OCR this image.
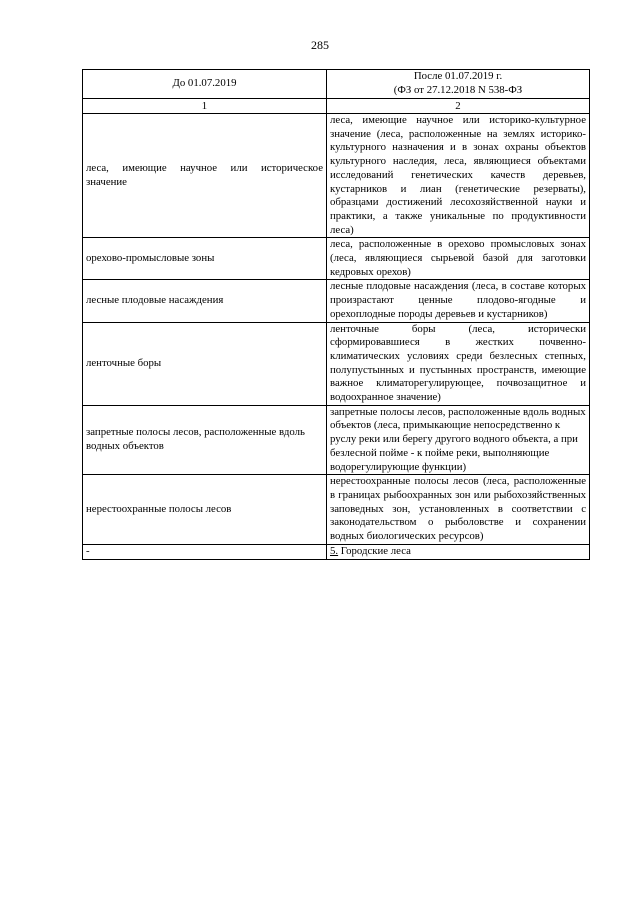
285
До 01.07.2019	После 01.07.2019 г.
(ФЗ от 27.12.2018 N 538-ФЗ

1	2
леса, имеющие научное или историческое значение	леса, имеющие научное или историко-культурное значение (леса, расположенные на землях историко-культурного назначения и в зонах охраны объектов культурного наследия, леса, являющиеся объектами исследований генетических качеств деревьев, кустарников и лиан (генетические резерваты), образцами достижений лесохозяйственной науки и практики, а также уникальные по продуктивности леса)
орехово-промысловые зоны	леса, расположенные в орехово промысловых зонах (леса, являющиеся сырьевой базой для заготовки кедровых орехов)
лесные плодовые насаждения	лесные плодовые насаждения (леса, в составе которых произрастают ценные плодово-ягодные и орехоплодные породы деревьев и кустарников)
ленточные боры	ленточные боры (леса, исторически сформировавшиеся в жестких почвенно-климатических условиях среди безлесных степных, полупустынных и пустынных пространств, имеющие важное климаторегулирующее, почвозащитное и водоохранное значение)
запретные полосы лесов, расположенные вдоль водных объектов	запретные полосы лесов, расположенные вдоль водных объектов (леса, примыкающие непосредственно к руслу реки или берегу другого водного объекта, а при безлесной пойме - к пойме реки, выполняющие водорегулирующие функции)
нерестоохранные полосы лесов	нерестоохранные полосы лесов (леса, расположенные в границах рыбоохранных зон или рыбохозяйственных заповедных зон, установленных в соответствии с законодательством о рыболовстве и сохранении водных биологических ресурсов)
-	5. Городские леса
